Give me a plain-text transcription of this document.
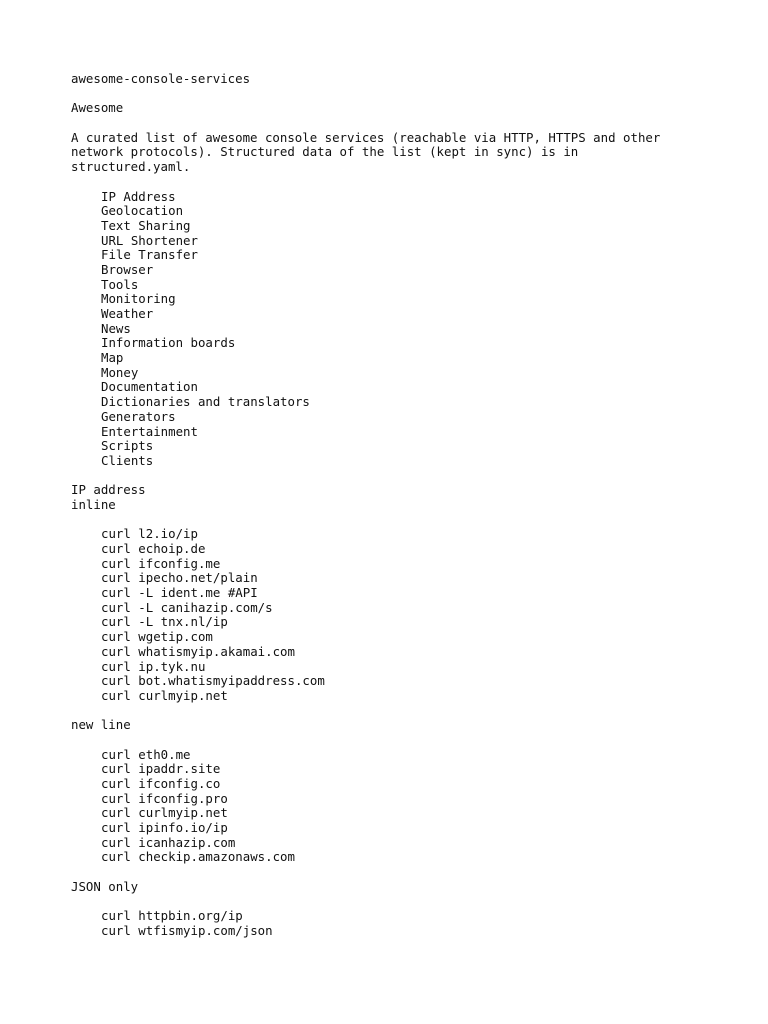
awesome-console-services
Awesome
A curated list of awesome console services (reachable via HTTP, HTTPS and other
network protocols). Structured data of the list (kept in sync) is in
structured.yaml.
IP Address
Geolocation
Text Sharing
URL Shortener
File Transfer
Browser
Tools
Monitoring
Weather
News
Information boards
Map
Money
Documentation
Dictionaries and translators
Generators
Entertainment
Scripts
Clients
IP address
inline
curl l2.io/ip
curl echoip.de
curl ifconfig.me
curl ipecho.net/plain
curl -L ident.me #API
curl -L canihazip.com/s
curl -L tnx.nl/ip
curl wgetip.com
curl whatismyip.akamai.com
curl ip.tyk.nu
curl bot.whatismyipaddress.com
curl curlmyip.net
new line
curl eth0.me
curl ipaddr.site
curl ifconfig.co
curl ifconfig.pro
curl curlmyip.net
curl ipinfo.io/ip
curl icanhazip.com
curl checkip.amazonaws.com
JSON only
curl httpbin.org/ip
curl wtfismyip.com/json
